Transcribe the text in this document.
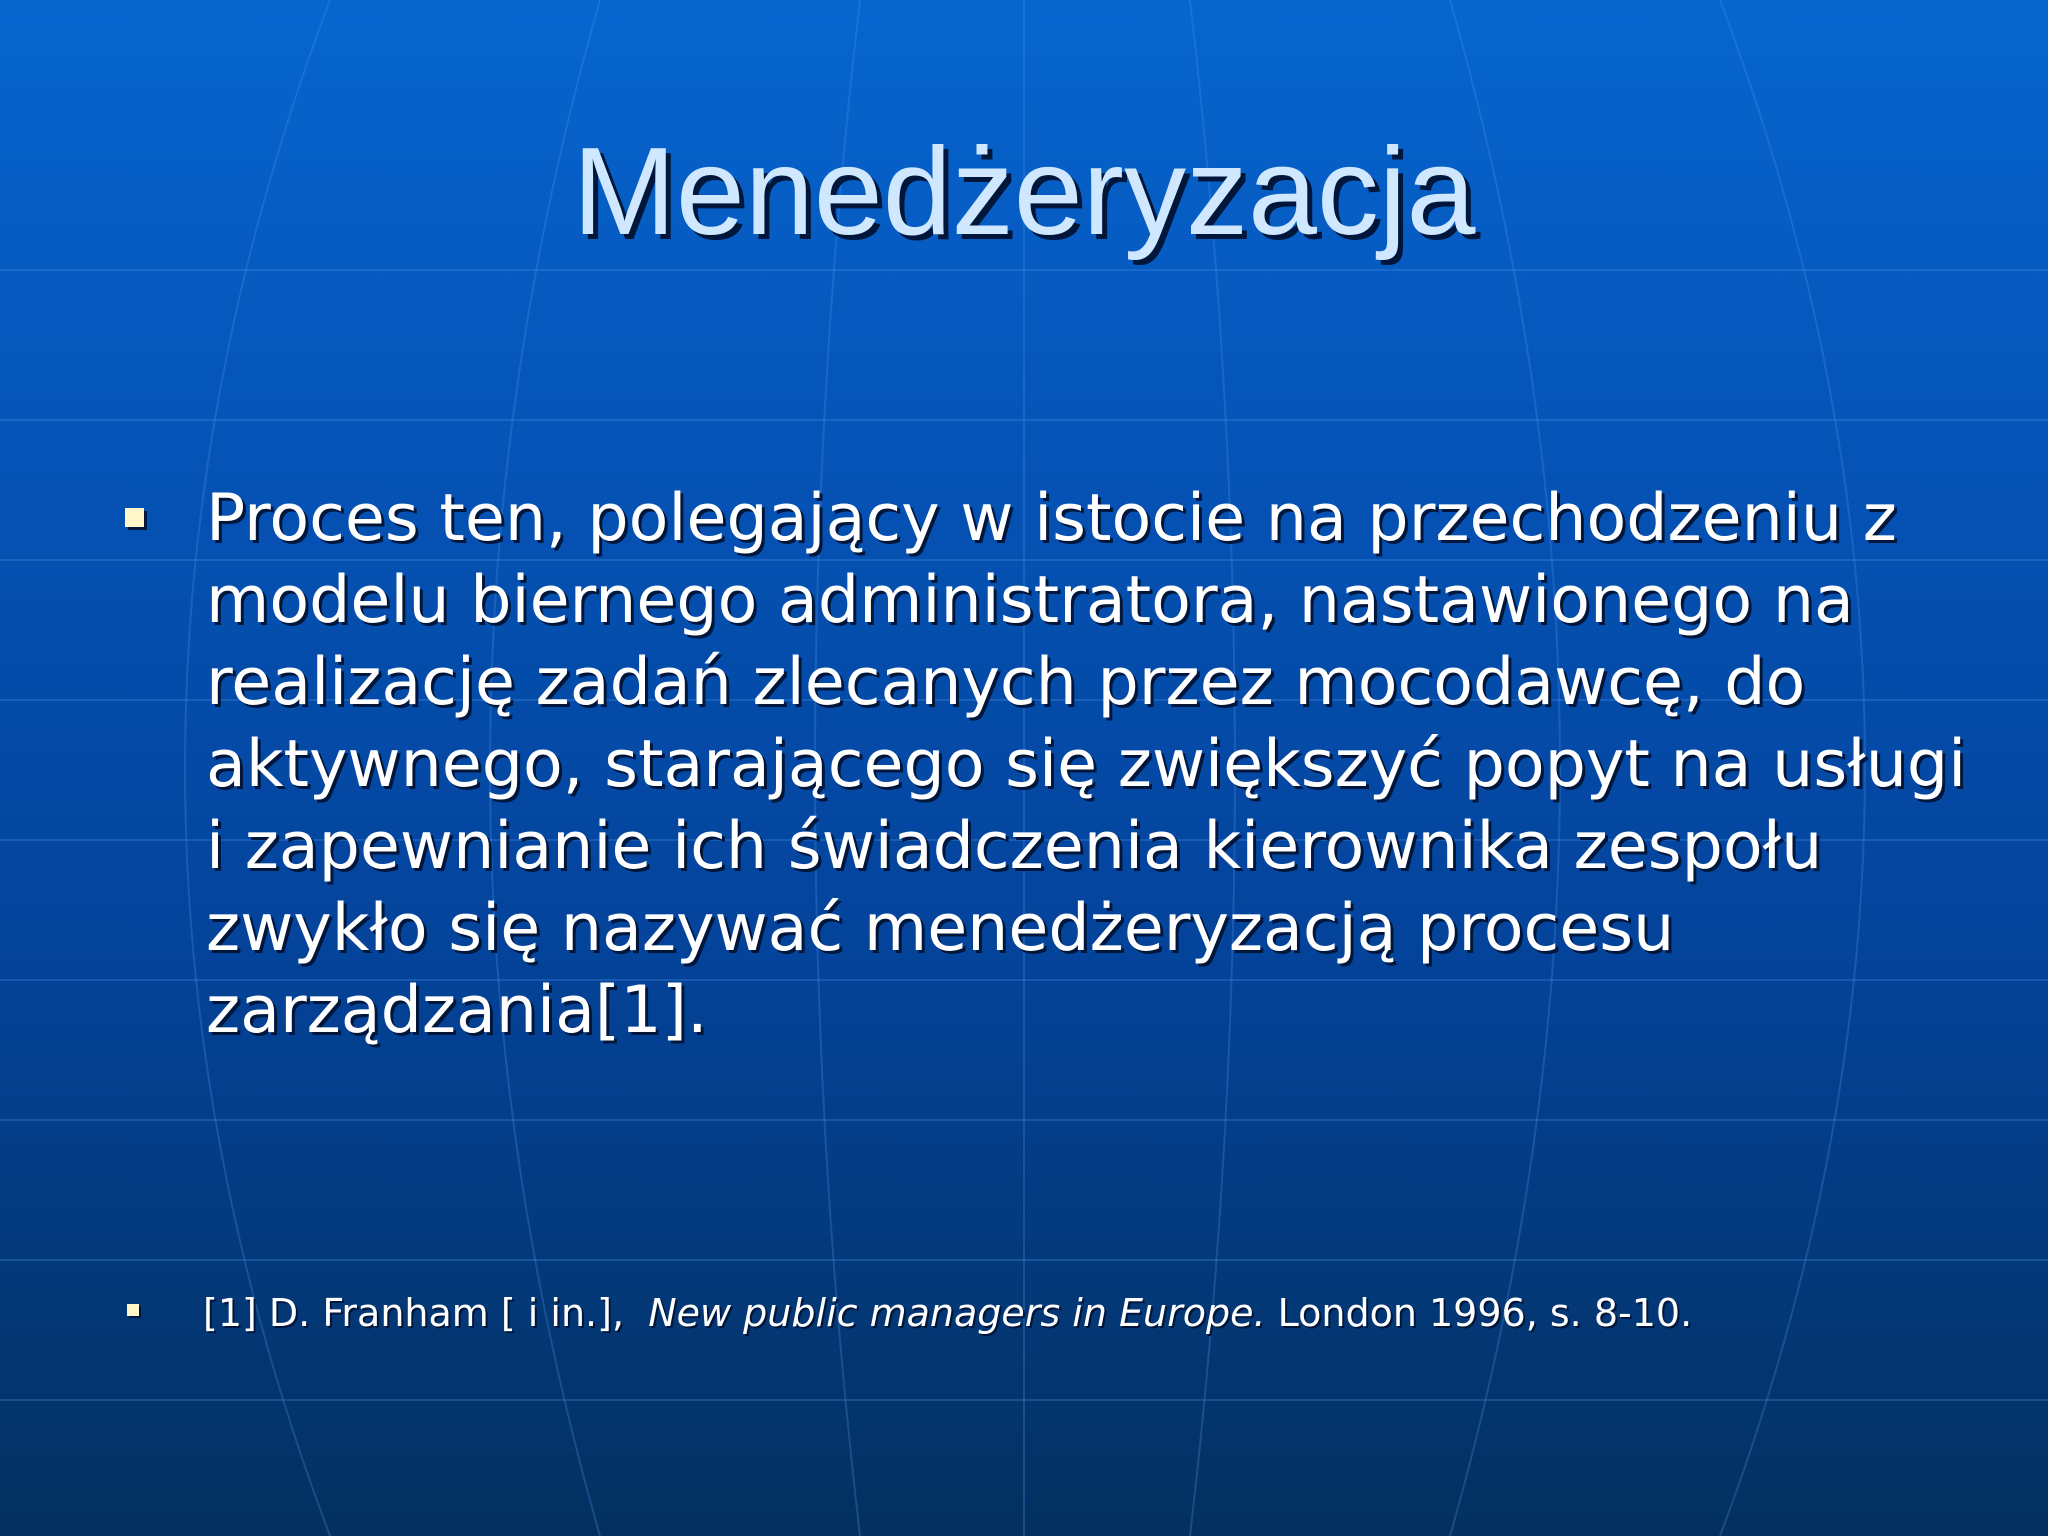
Menedżeryzacja

Proces ten, polegający w istocie na przechodzeniu z modelu biernego administratora, nastawionego na realizację zadań zlecanych przez mocodawcę, do aktywnego, starającego się zwiększyć popyt na usługi i zapewnianie ich świadczenia kierownika zespołu zwykło się nazywać menedżeryzacją procesu zarządzania[1].

[1] D. Franham [ i in.], New public managers in Europe. London 1996, s. 8-10.
